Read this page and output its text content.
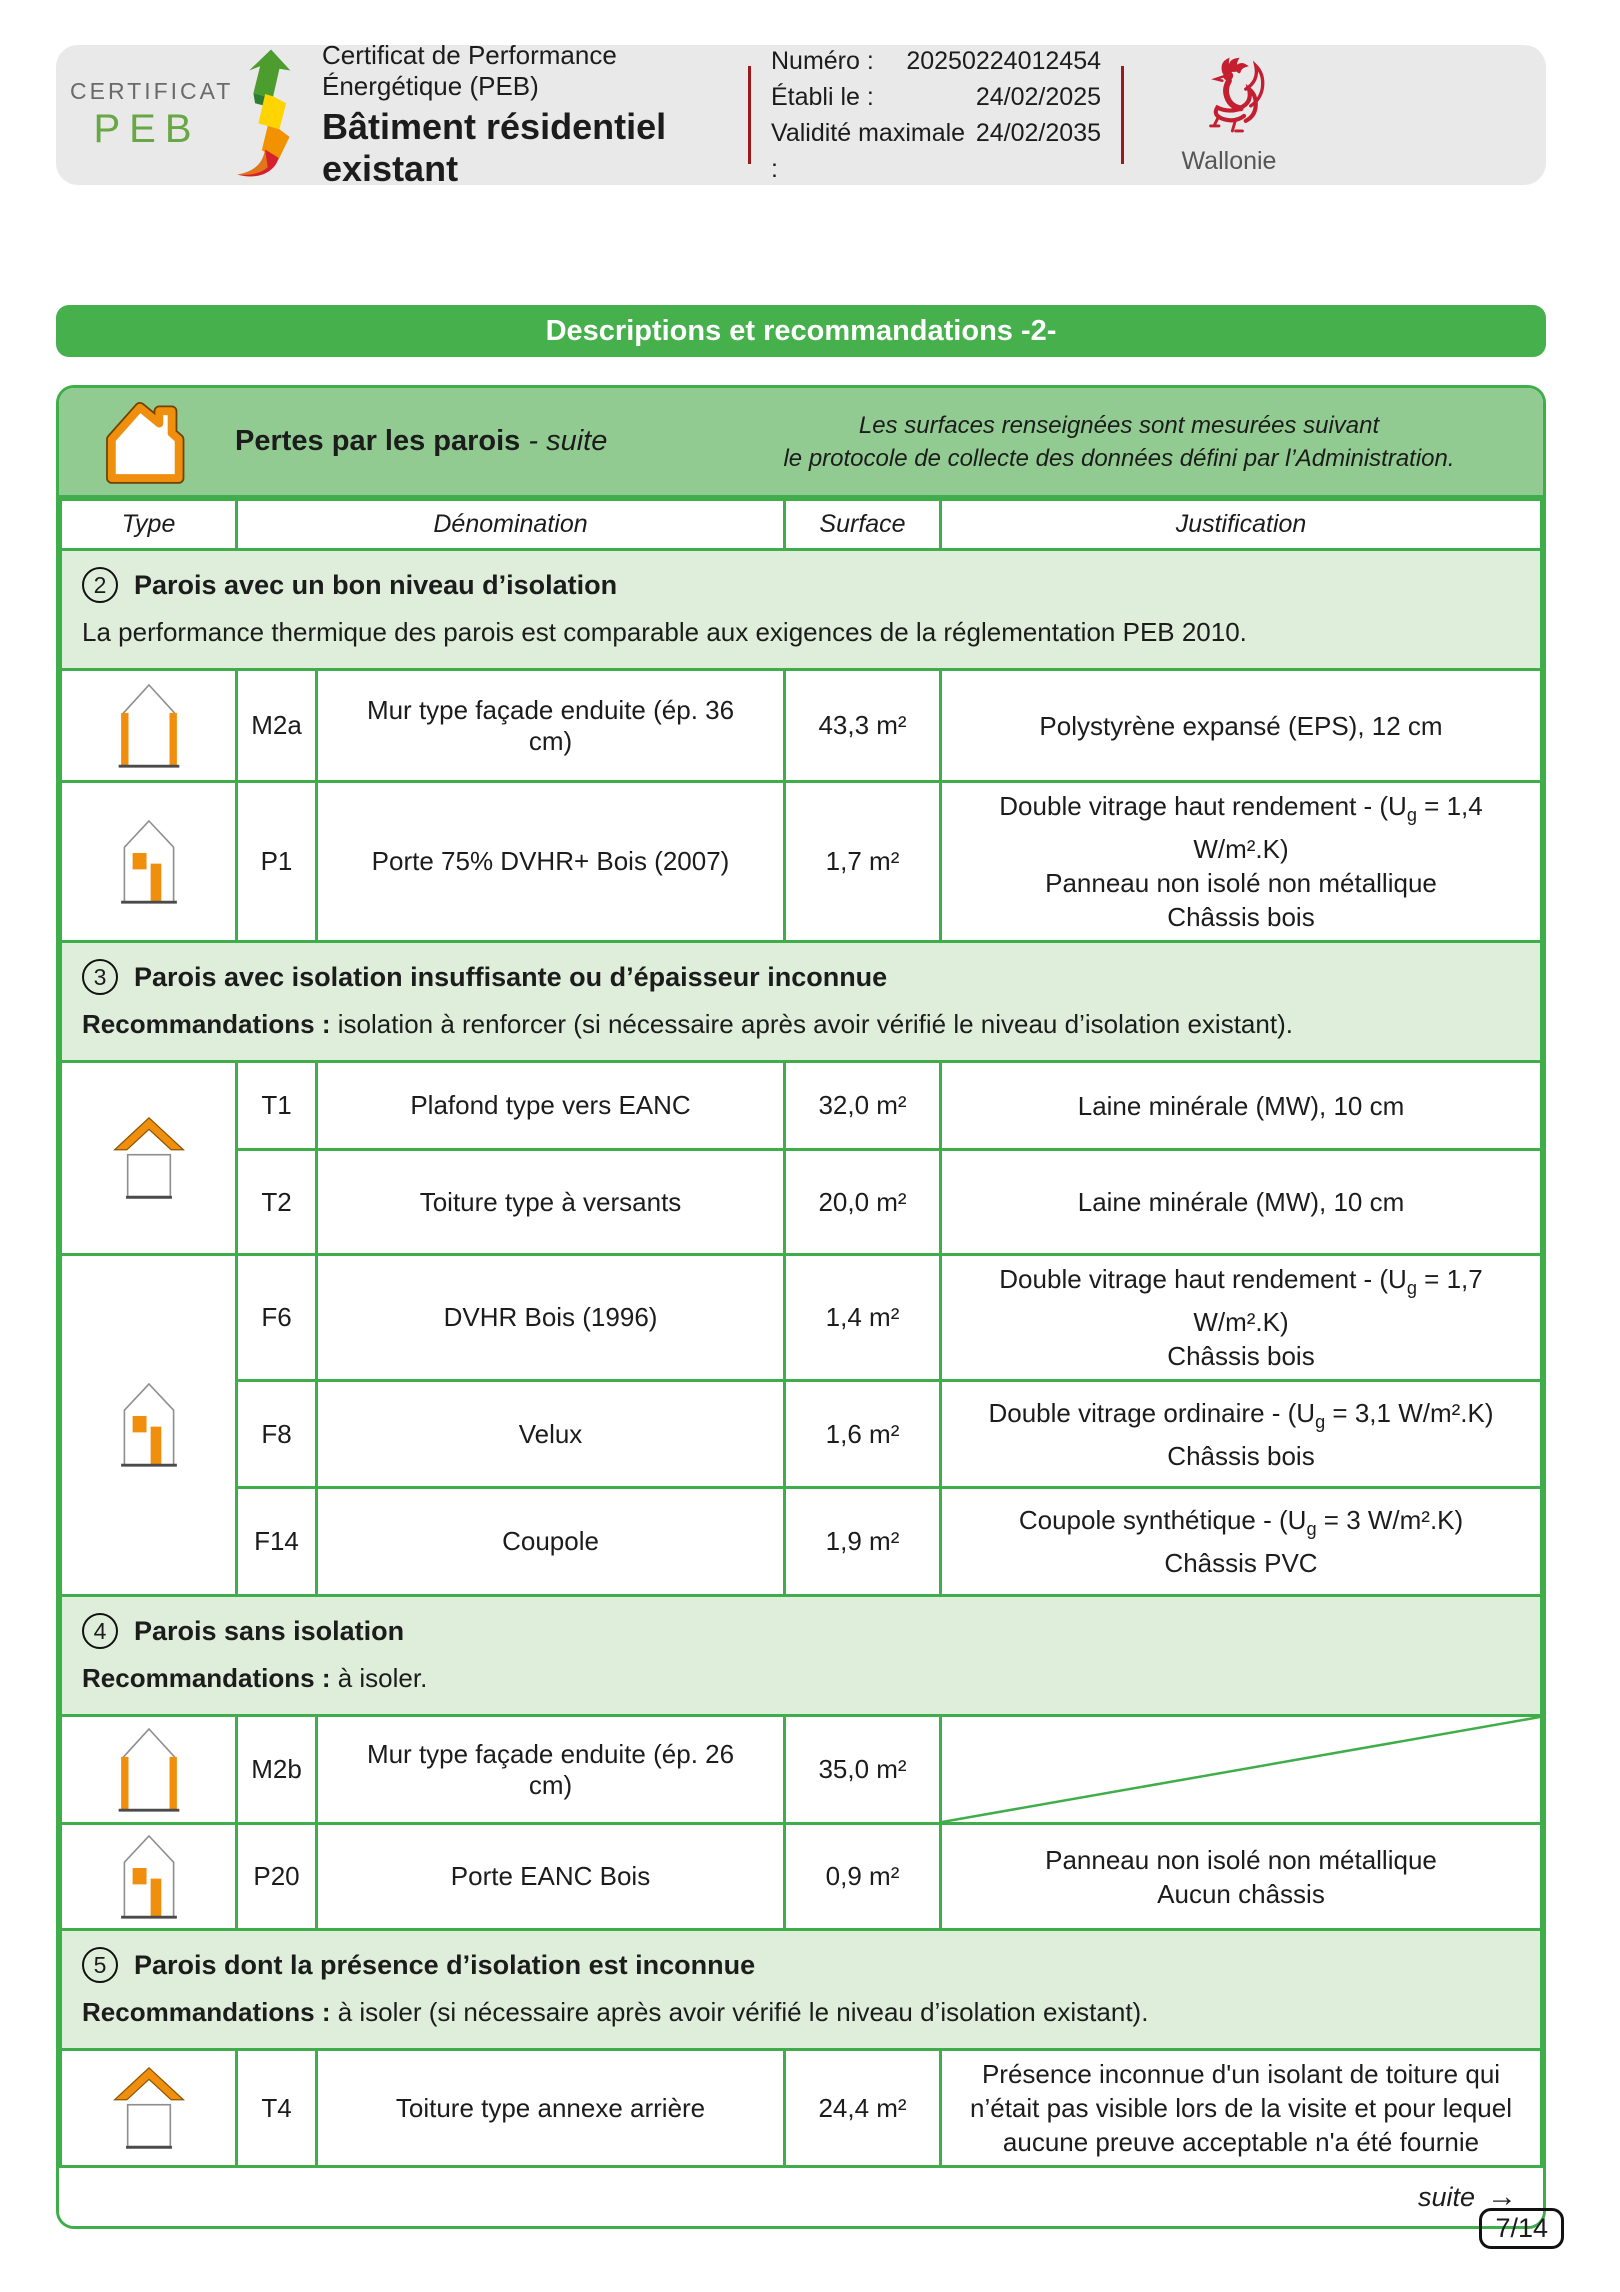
CERTIFICAT
PEB
Certificat de Performance Énergétique (PEB)
Bâtiment résidentiel existant
Numéro : 20250224012454
Établi le :	24/02/2025
Validité maximale :
24/02/2035
Wallonie
Descriptions et recommandations -2-
Pertes par les parois - suite	Les surfaces renseignées sont mesurées suivant
le protocole de collecte des données défini par l’Administration.
Type	Dénomination		Surface	Justification

2 Parois avec un bon niveau d’isolation
La performance thermique des parois est comparable aux exigences de la réglementation PEB 2010.				

	M2a	Mur type façade enduite (ép. 36 cm)	43,3 m²	Polystyrène expansé (EPS), 12 cm

	P1	Porte 75% DVHR+ Bois (2007)	1,7 m²	Double vitrage haut rendement - ($U_g = 1,4$ W/m².K)
Panneau non isolé non métallique
Châssis bois

3 Parois avec isolation insuffisante ou d’épaisseur inconnue
Recommandations : isolation à renforcer (si nécessaire après avoir vérifié le niveau d’isolation existant).				

	T1	Plafond type vers EANC	32,0 m²	Laine minérale (MW), 10 cm

	T2	Toiture type à versants	20,0 m²	Laine minérale (MW), 10 cm

	F6	DVHR Bois (1996)	1,4 m²	Double vitrage haut rendement - ($U_g = 1,7$ W/m².K)
Châssis bois

	F8	Velux	1,6 m²	Double vitrage ordinaire - ($U_g = 3,1$ W/m².K)
Châssis bois

	F14	Coupole	1,9 m²	Coupole synthétique - ($U_g = 3$ W/m².K)
Châssis PVC

4 Parois sans isolation
Recommandations : à isoler.				

	M2b	Mur type façade enduite (ép. 26 cm)	35,0 m²	

	P20	Porte EANC Bois	0,9 m²	Panneau non isolé non métallique
Aucun châssis

5 Parois dont la présence d’isolation est inconnue
Recommandations : à isoler (si nécessaire après avoir vérifié le niveau d’isolation existant).				

	T4	Toiture type annexe arrière	24,4 m²	Présence inconnue d'un isolant de toiture qui n’était pas visible lors de la visite et pour lequel aucune preuve acceptable n'a été fournie
suite →
7/14
